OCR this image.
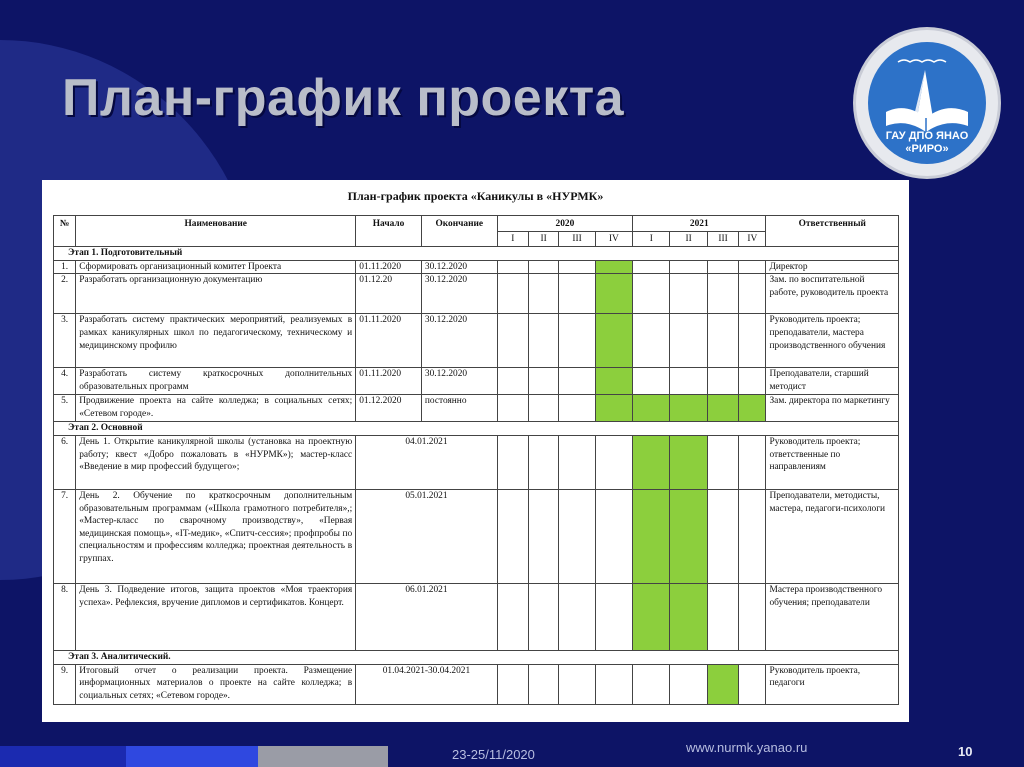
План-график проекта
ГАУ ДПО ЯНАО
«РИРО»
План-график проекта «Каникулы в «НУРМК»
№	Наименование	Начало	Окончание	2020				2021				Ответственный
				I	II	III	IV	I	II	III	IV	
Этап 1. Подготовительный												
1.	Сформировать организационный комитет Проекта	01.11.2020	30.12.2020									Директор
2.	Разработать организационную документацию	01.12.20	30.12.2020									Зам. по воспитательной работе, руководитель проекта
3.	Разработать систему практических мероприятий, реализуемых в рамках каникулярных школ по педагогическому, техническому и медицинскому профилю	01.11.2020	30.12.2020									Руководитель проекта; преподаватели, мастера производственного обучения
4.	Разработать систему краткосрочных дополнительных образовательных программ	01.11.2020	30.12.2020									Преподаватели, старший методист
5.	Продвижение проекта на сайте колледжа; в социальных сетях; «Сетевом городе».	01.12.2020	постоянно									Зам. директора по маркетингу
Этап 2. Основной												
6.	День 1. Открытие каникулярной школы (установка на проектную работу; квест «Добро пожаловать в «НУРМК»); мастер-класс «Введение в мир профессий будущего»;	04.01.2021										Руководитель проекта; ответственные по направлениям
7.	День 2. Обучение по краткосрочным дополнительным образовательным программам («Школа грамотного потребителя»,; «Мастер-класс по сварочному производству», «Первая медицинская помощь», «IT-медик», «Спитч-сессия»; профпробы по специальностям и профессиям колледжа; проектная деятельность в группах.	05.01.2021										Преподаватели, методисты, мастера, педагоги-психологи
8.	День 3. Подведение итогов, защита проектов «Моя траектория успеха». Рефлексия, вручение дипломов и сертификатов. Концерт.	06.01.2021										Мастера производственного обучения; преподаватели
Этап 3. Аналитический.												
9.	Итоговый отчет о реализации проекта. Размещение информационных материалов о проекте на сайте колледжа; в социальных сетях; «Сетевом городе».	01.04.2021-30.04.2021										Руководитель проекта, педагоги
23-25/11/2020	www.nurmk.yanao.ru	10
